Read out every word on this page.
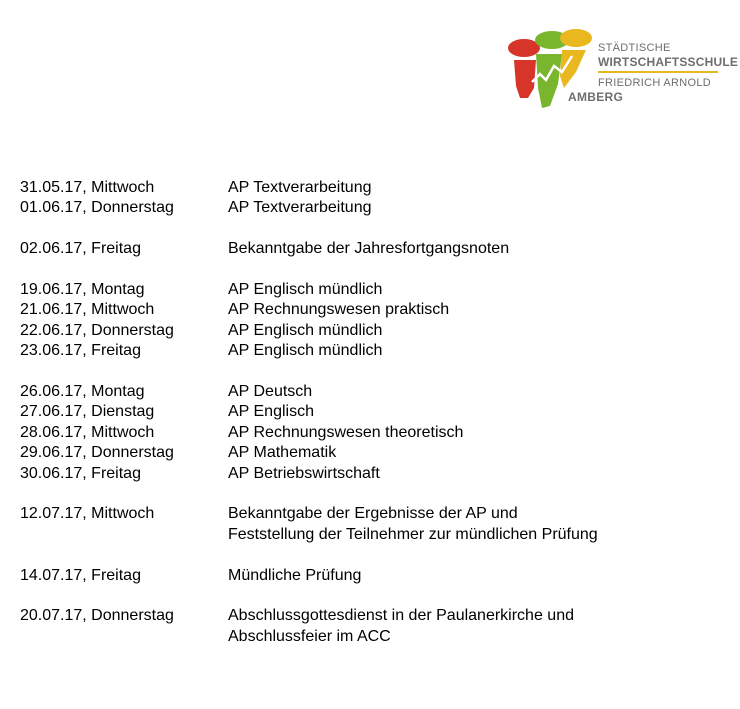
STÄDTISCHE
WIRTSCHAFTSSCHULE
FRIEDRICH ARNOLD
AMBERG
31.05.17, Mittwoch	AP Textverarbeitung
01.06.17, Donnerstag	AP Textverarbeitung
02.06.17, Freitag	Bekanntgabe der Jahresfortgangsnoten
19.06.17, Montag	AP Englisch mündlich
21.06.17, Mittwoch	AP Rechnungswesen praktisch
22.06.17, Donnerstag	AP Englisch mündlich
23.06.17, Freitag	AP Englisch mündlich
26.06.17, Montag	AP Deutsch
27.06.17, Dienstag	AP Englisch
28.06.17, Mittwoch	AP Rechnungswesen theoretisch
29.06.17, Donnerstag	AP Mathematik
30.06.17, Freitag	AP Betriebswirtschaft
12.07.17, Mittwoch	Bekanntgabe der Ergebnisse der AP und
Feststellung der Teilnehmer zur mündlichen Prüfung
14.07.17, Freitag	Mündliche Prüfung
20.07.17, Donnerstag	Abschlussgottesdienst in der Paulanerkirche und
Abschlussfeier im ACC
